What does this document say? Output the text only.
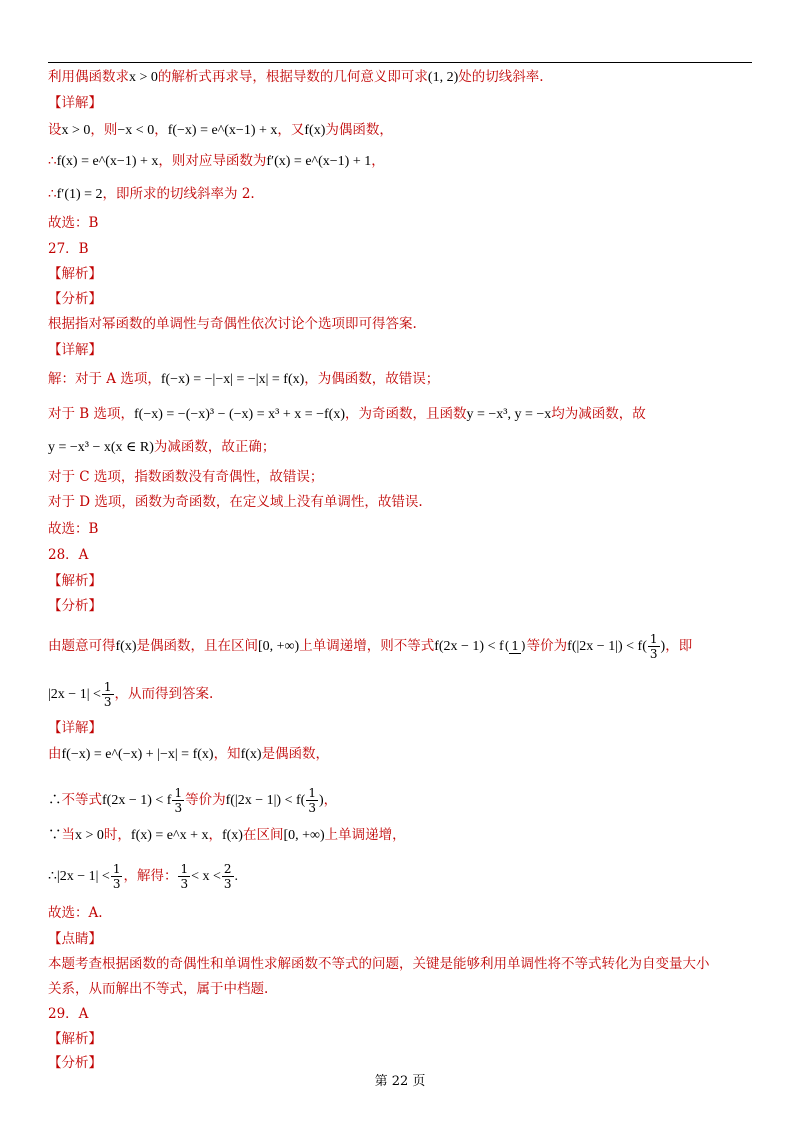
利用偶函数求x > 0的解析式再求导，根据导数的几何意义即可求(1, 2)处的切线斜率.
【详解】
设x > 0，则−x < 0，f(−x) = e^(x−1) + x，又f(x)为偶函数，
∴f(x) = e^(x−1) + x，则对应导函数为f′(x) = e^(x−1) + 1，
∴f′(1) = 2，即所求的切线斜率为 2.
故选：B
27．B
【解析】
【分析】
根据指对幂函数的单调性与奇偶性依次讨论个选项即可得答案.
【详解】
解：对于 A 选项，f(−x) = −|−x| = −|x| = f(x)，为偶函数，故错误；
对于 B 选项，f(−x) = −(−x)³ − (−x) = x³ + x = −f(x)，为奇函数，且函数y = −x³, y = −x均为减函数，故
y = −x³ − x(x ∈ R)为减函数，故正确；
对于 C 选项，指数函数没有奇偶性，故错误；
对于 D 选项，函数为奇函数，在定义域上没有单调性，故错误.
故选：B
28．A
【解析】
【分析】
由题意可得f(x)是偶函数，且在区间[0, +∞)上单调递增，则不等式f(2x − 1) < f( 1 )等价为$f(|2x - 1|) < f( \frac{1}{3}$ )，即
$|2x - 1| < \frac{1}{3}$ ，从而得到答案.
【详解】
由f(−x) = e^(−x) + |−x| = f(x)，知f(x)是偶函数，
∴不等式f(2x − 1) < f $\frac{1}{3}$ 等价为$f(|2x - 1|) < f( \frac{1}{3}$ )，
∵当x > 0时，f(x) = e^x + x，f(x)在区间[0, +∞)上单调递增，
∴|2x − $1| < \frac{1}{3}$ ，解得： $\frac{1}{3} < x < \frac{2}{3}$ .
故选：A.
【点睛】
本题考查根据函数的奇偶性和单调性求解函数不等式的问题，关键是能够利用单调性将不等式转化为自变量大小
关系，从而解出不等式，属于中档题.
29．A
【解析】
【分析】
第 22 页
